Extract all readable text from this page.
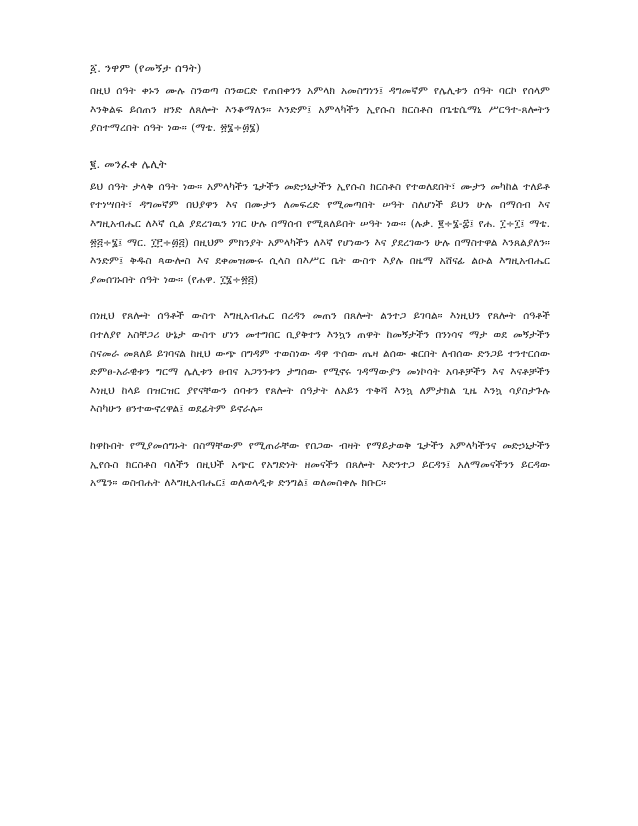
፩. ንዋም (የመኝታ ሰዓት)

በዚህ ሰዓት ቀኑን ሙሉ ስንወጣ ስንወርድ የጠበቀንን አምላክ አመስግነን፤ ዳግመኛም የሌሊቱን ሰዓት ባርኮ የሰላም እንቅልፍ ይሰጠን ዘንድ ለጸሎት እንቆማለን። እንድም፤ አምላካችን ኢየሱስ ክርስቶስ በጌቴሴማኒ ሥርዓተ-ጸሎትን ያስተማረበት ሰዓት ነው። (ማቴ. ፳፮÷፴፮)

፪. መንፈቀ ሌሊት

ይህ ሰዓት ታላቅ ሰዓት ነው። አምላካችን ጌታችን መድኃኒታችን ኢየሱስ ክርስቶስ የተወለደበት፣ ሙታን መካከል ተለይቶ የተነሣበት፣ ዳግመኛም በህያዋን እና በሙታን ለመፍረድ የሚመጣበት ሠዓት ስለሆነች ይህን ሁሉ በማሰብ እና እግዚአብሔር ለእኛ ሲል ያደረገዉን ነገር ሁሉ በማሰብ የሚጸለይበት ሠዓት ነው። (ሉቃ. ፪÷፮-፰፤ የሐ. ፲÷፲፤ ማቴ. ፳፭÷፮፤ ማር. ፲፫÷፴፭) በዚህም ምክንያት አምላካችን ለእኛ የሆነውን እና ያደረገውን ሁሉ በማስተዋል እንጸልያለን። እንድም፤ ቅዱስ ጳውሎስ እና ደቀመዝሙሩ ሲላስ በእሥር ቤት ውስጥ እያሉ በዜማ አሸናፊ ልዑል እግዚአብሔር ያመሰገኑበት ሰዓት ነው። (የሐዋ. ፲፮÷፳፭)

በነዚህ የጸሎት ሰዓቶች ውስጥ እግዚአብሔር በረዳን መጠን በጸሎት ልንተጋ ይገባል። እነዚህን የጸሎት ሰዓቶች በተለያየ አስቸጋሪ ሁኔታ ውስጥ ሆነን መተግበር ቢያቅተን እንኳን ጠዋት ከመኝታችን በንነሳና ማታ ወደ መኝታችን ስናመራ መጸለይ ይገባናል ከዚህ ውጭ በግዳም ተወስነው ዳዋ ጥሰው ጤዛ ልሰው ቁርበት ለብሰው ድንጋይ ተንተርሰው ድምፀ-አራዊቱን ግርማ ሌሊቱን ፀብና አጋንንቱን ታግሰው የሚኖሩ ገዳማውያን መነኮሳት አባቶቻችን እና እናቶቻችን እነዚህ ከላይ በዝርዝር ያየናቸውን ሰባቱን የጸሎት ሰዓታት ለአይን ጥቅሻ እንኳ ለምታክል ጊዜ እንኳ ሳያስታጉሉ እስካሁን ፀንተውኖረዋል፤ ወደፊትም ይኖራሉ።

ከዋኩበት የሚያመሰግኑት በስማቸውም የሚጠራቸው የበጋው ብዛት የማይታወቅ ጌታችን አምላካችንና መድኃኒታችን ኢየሱስ ክርስቶስ ባለችን በዚህች አጭር የአግድነት ዘመናችን በጸሎት እድንተጋ ይርዳን፤ አለማመናችንን ይርዳው አሜን። ወስብሐት ለእግዚአብሔር፤ ወለወላዲቱ ድንግል፤ ወለመስቀሉ ክቡር።
